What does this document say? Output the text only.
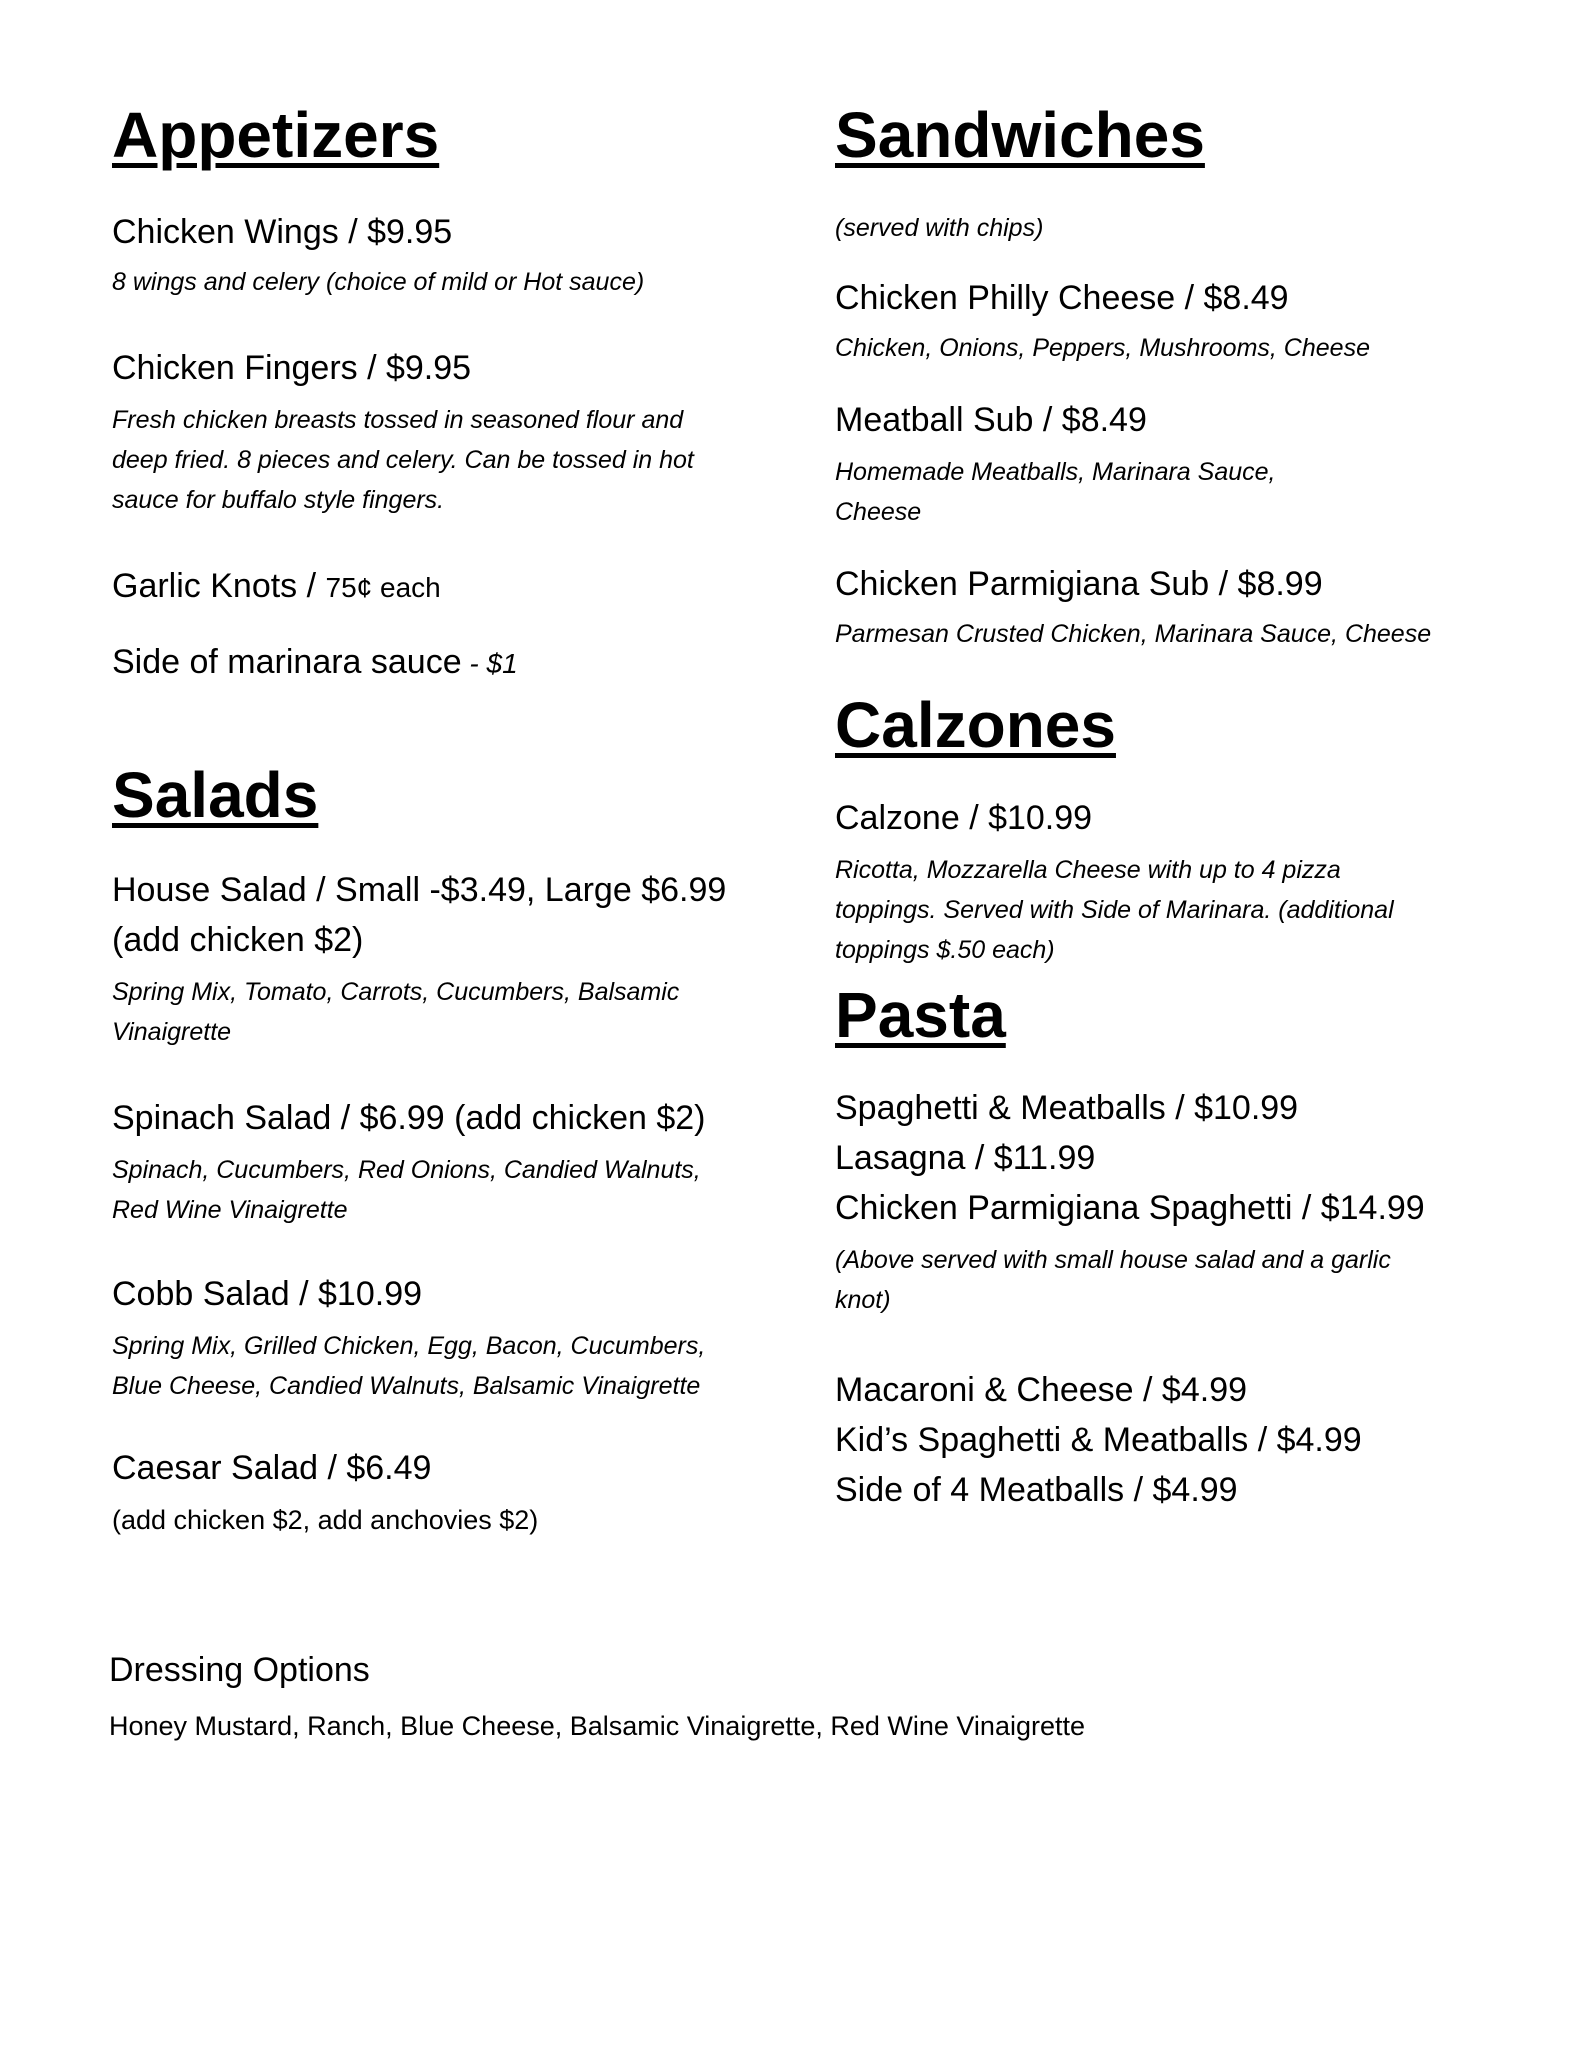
Appetizers
Chicken Wings / $9.95
8 wings and celery (choice of mild or Hot sauce)
Chicken Fingers / $9.95
Fresh chicken breasts tossed in seasoned flour and
deep fried. 8 pieces and celery. Can be tossed in hot
sauce for buffalo style fingers.
Garlic Knots / 75¢ each
Side of marinara sauce - $1
Salads
House Salad / Small -$3.49, Large $6.99
(add chicken $2)
Spring Mix, Tomato, Carrots, Cucumbers, Balsamic
Vinaigrette
Spinach Salad / $6.99 (add chicken $2)
Spinach, Cucumbers, Red Onions, Candied Walnuts,
Red Wine Vinaigrette
Cobb Salad / $10.99
Spring Mix, Grilled Chicken, Egg, Bacon, Cucumbers,
Blue Cheese, Candied Walnuts, Balsamic Vinaigrette
Caesar Salad / $6.49
(add chicken $2, add anchovies $2)
Sandwiches
(served with chips)
Chicken Philly Cheese / $8.49
Chicken, Onions, Peppers, Mushrooms, Cheese
Meatball Sub / $8.49
Homemade Meatballs, Marinara Sauce,
Cheese
Chicken Parmigiana Sub / $8.99
Parmesan Crusted Chicken, Marinara Sauce, Cheese
Calzones
Calzone / $10.99
Ricotta, Mozzarella Cheese with up to 4 pizza
toppings. Served with Side of Marinara. (additional
toppings $.50 each)
Pasta
Spaghetti & Meatballs / $10.99
Lasagna / $11.99
Chicken Parmigiana Spaghetti / $14.99
(Above served with small house salad and a garlic
knot)
Macaroni & Cheese / $4.99
Kid’s Spaghetti & Meatballs / $4.99
Side of 4 Meatballs / $4.99
Dressing Options
Honey Mustard, Ranch, Blue Cheese, Balsamic Vinaigrette, Red Wine Vinaigrette
